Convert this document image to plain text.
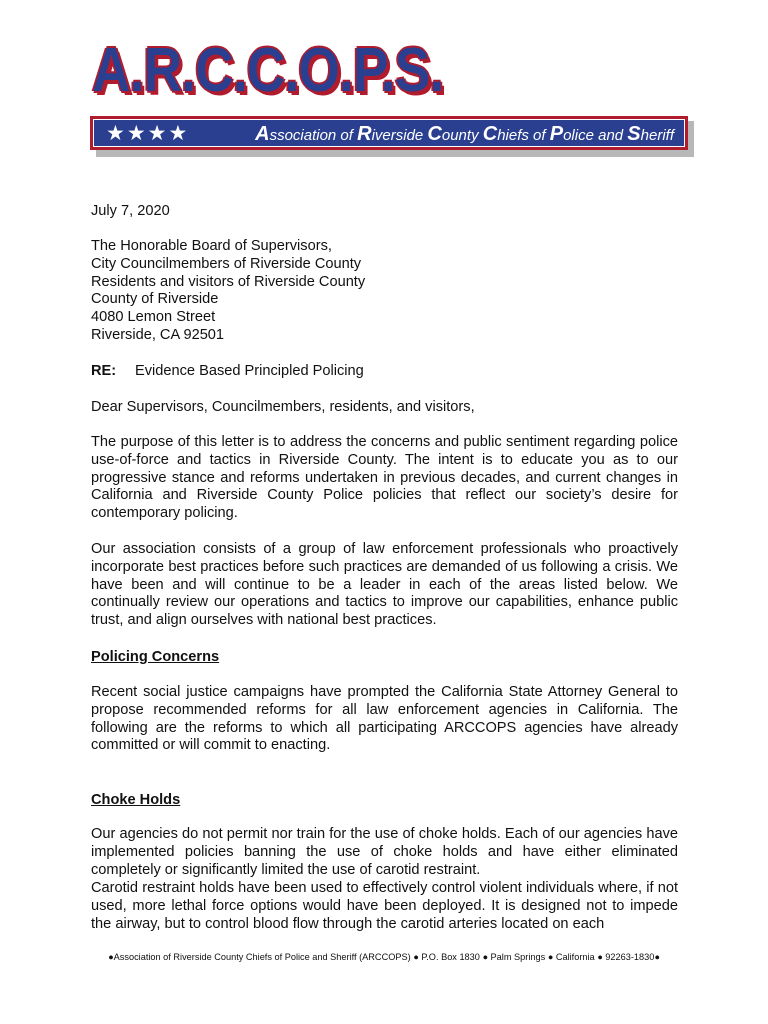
A.R.C.C.O.P.S.
★★★★	Association of Riverside County Chiefs of Police and Sheriff
July 7, 2020
The Honorable Board of Supervisors,
City Councilmembers of Riverside County
Residents and visitors of Riverside County
County of Riverside
4080 Lemon Street
Riverside, CA 92501
RE: Evidence Based Principled Policing
Dear Supervisors, Councilmembers, residents, and visitors,
The purpose of this letter is to address the concerns and public sentiment regarding police use-of-force and tactics in Riverside County. The intent is to educate you as to our progressive stance and reforms undertaken in previous decades, and current changes in California and Riverside County Police policies that reflect our society’s desire for contemporary policing.
Our association consists of a group of law enforcement professionals who proactively incorporate best practices before such practices are demanded of us following a crisis. We have been and will continue to be a leader in each of the areas listed below. We continually review our operations and tactics to improve our capabilities, enhance public trust, and align ourselves with national best practices.
Policing Concerns
Recent social justice campaigns have prompted the California State Attorney General to propose recommended reforms for all law enforcement agencies in California. The following are the reforms to which all participating ARCCOPS agencies have already committed or will commit to enacting.
Choke Holds
Our agencies do not permit nor train for the use of choke holds. Each of our agencies have implemented policies banning the use of choke holds and have either eliminated completely or significantly limited the use of carotid restraint.
Carotid restraint holds have been used to effectively control violent individuals where, if not used, more lethal force options would have been deployed. It is designed not to impede the airway, but to control blood flow through the carotid arteries located on each
●Association of Riverside County Chiefs of Police and Sheriff (ARCCOPS) ● P.O. Box 1830 ● Palm Springs ● California ● 92263-1830●
